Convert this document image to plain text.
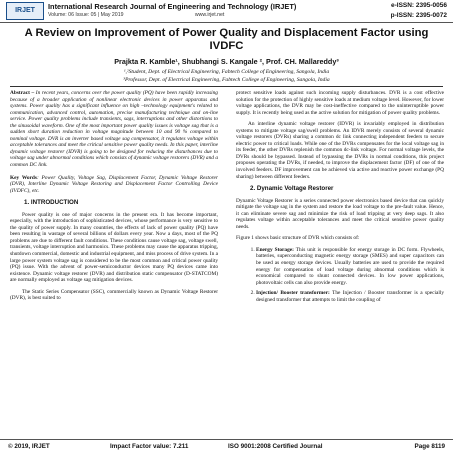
IRJET	International Research Journal of Engineering and Technology (IRJET)
Volume: 06 Issue: 05 | May 2019	www.irjet.net
e-ISSN: 2395-0056
p-ISSN: 2395-0072
A Review on Improvement of Power Quality and Displacement Factor using IVDFC
Prajkta R. Kamble¹, Shubhangi S. Kangale ², Prof. CH. Mallareddy³
¹,²Student, Dept. of Electrical Engineering, Fabtech College of Engineering, Sangola, India
³Professor, Dept. of Electrical Engineering, Fabtech College of Engineering, Sangola, India
Abstract – In recent years, concerns over the power quality (PQ) have been rapidly increasing because of a broader application of nonlinear electronic devices in power apparatus and systems. Power quality has a significant influence on high –technology equipment's related to communication, advanced control, automation, precise manufacturing technique and on-line service. Power quality problems include transients, sags, interruptions and other distortions to the sinusoidal waveform. One of the most important power quality issues is voltage sag that is a sudden short duration reduction in voltage magnitude between 10 and 90 % compared to nominal voltage. DVR is an inverter based voltage sag compensator, it regulates voltage within acceptable tolerances and meet the critical sensitive power quality needs. In this paper, interline dynamic voltage restorer (IDVR) is going to be designed for reducing the disturbances due to voltage sag under abnormal conditions which consists of dynamic voltage restorers (DVR) and a common DC link.
Key Words: Power Quality, Voltage Sag, Displacement Factor, Dynamic Voltage Restorer (DVR), Interline Dynamic Voltage Restoring and Displacement Factor Controlling Device (IVDFC), etc.
1. INTRODUCTION

Power quality is one of major concerns in the present era. It has become important, especially, with the introduction of sophisticated devices, whose performance is very sensitive to the quality of power supply. In many countries, the effects of lack of power quality (PQ) have been resulting in wastage of several billions of dollars every year. Now a days, most of the PQ problems are due to different fault conditions. These conditions cause voltage sag, voltage swell, transients, voltage interruption and harmonics. These problems may cause the apparatus tripping, shutdown commercial, domestic and industrial equipment, and miss process of drive system. In a large power system voltage sag is considered to be the most common and critical power quality (PQ) issue. With the advent of power-semiconductor devices many PQ devices came into existence. Dynamic voltage restorer (DVR) and distribution static compensator (D-STATCOM) are normally employed as voltage sag mitigation devices.

The Static Series Compensator (SSC), commercially known as Dynamic Voltage Restorer (DVR), is best suited to

protect sensitive loads against such incoming supply disturbances. DVR is a cost effective solution for the protection of highly sensitive loads at medium voltage level. However, for lower voltage applications, the DVR may be cost-ineffective compared to the uninterruptible power supply. It is recently being used as the active solution for mitigation of power quality problems.

An interline dynamic voltage restorer (IDVR) is invariably employed in distribution systems to mitigate voltage sag/swell problems. An IDVR merely consists of several dynamic voltage restorers (DVRs) sharing a common dc link connecting independent feeders to secure electric power to critical loads. While one of the DVRs compensates for the local voltage sag in its feeder, the other DVRs replenish the common dc-link voltage. For normal voltage levels, the DVRs should be bypassed. Instead of bypassing the DVRs in normal conditions, this project proposes operating the DVRs, if needed, to improve the displacement factor (DF) of one of the involved feeders. DF improvement can be achieved via active and reactive power exchange (PQ sharing) between different feeders.

2. Dynamic Voltage Restorer

Dynamic Voltage Restorer is a series connected power electronics based device that can quickly mitigate the voltage sag in the system and restore the load voltage to the pre-fault value. Hence, it can eliminate severe sag and minimize the risk of load tripping at very deep sags. It also regulates voltage within acceptable tolerances and meet the critical sensitive power quality needs.

Figure 1 shows basic structure of DVR which consists of:

1. Energy Storage: This unit is responsible for energy storage in DC form. Flywheels, batteries, superconducting magnetic energy storage (SMES) and super capacitors can be used as energy storage devices. Usually batteries are used to provide the required energy for compensation of load voltage during abnormal conditions which is economical compared to shunt connected devices. In low power applications, photovoltaic cells can also provide energy.
2. Injection/ Booster transformer: The Injection / Booster transformer is a specially designed transformer that attempts to limit the coupling of
© 2019, IRJET	Impact Factor value: 7.211	ISO 9001:2008 Certified Journal	Page 8119
